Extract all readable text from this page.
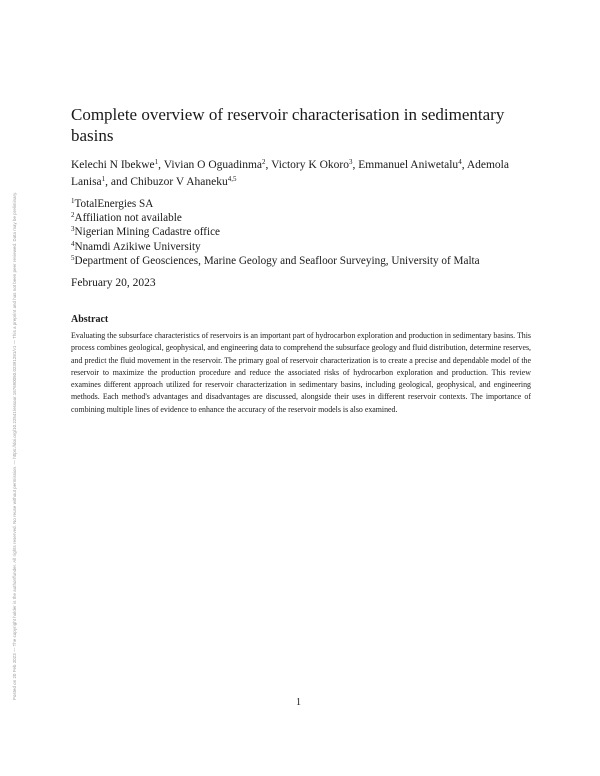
Posted on 20 Feb 2023 — The copyright holder is the author/funder. All rights reserved. No reuse without permission. — https://doi.org/10.22541/essoar.167690050.02391281/v1 — This a preprint and has not been peer reviewed. Data may be preliminary.
Complete overview of reservoir characterisation in sedimentary basins
Kelechi N Ibekwe$^1$, Vivian O Oguadinma$^2$, Victory K Okoro$^3$, Emmanuel Aniwetalu$^4$, Ademola Lanisa$^1$, and Chibuzor V Ahaneku$^{4,5}$
$^1$TotalEnergies SA
$^2$Affiliation not available
$^3$Nigerian Mining Cadastre office
$^4$Nnamdi Azikiwe University
$^5$Department of Geosciences, Marine Geology and Seafloor Surveying, University of Malta
February 20, 2023
Abstract
Evaluating the subsurface characteristics of reservoirs is an important part of hydrocarbon exploration and production in sedimentary basins. This process combines geological, geophysical, and engineering data to comprehend the subsurface geology and fluid distribution, determine reserves, and predict the fluid movement in the reservoir. The primary goal of reservoir characterization is to create a precise and dependable model of the reservoir to maximize the production procedure and reduce the associated risks of hydrocarbon exploration and production. This review examines different approach utilized for reservoir characterization in sedimentary basins, including geological, geophysical, and engineering methods. Each method's advantages and disadvantages are discussed, alongside their uses in different reservoir contexts. The importance of combining multiple lines of evidence to enhance the accuracy of the reservoir models is also examined.
1
